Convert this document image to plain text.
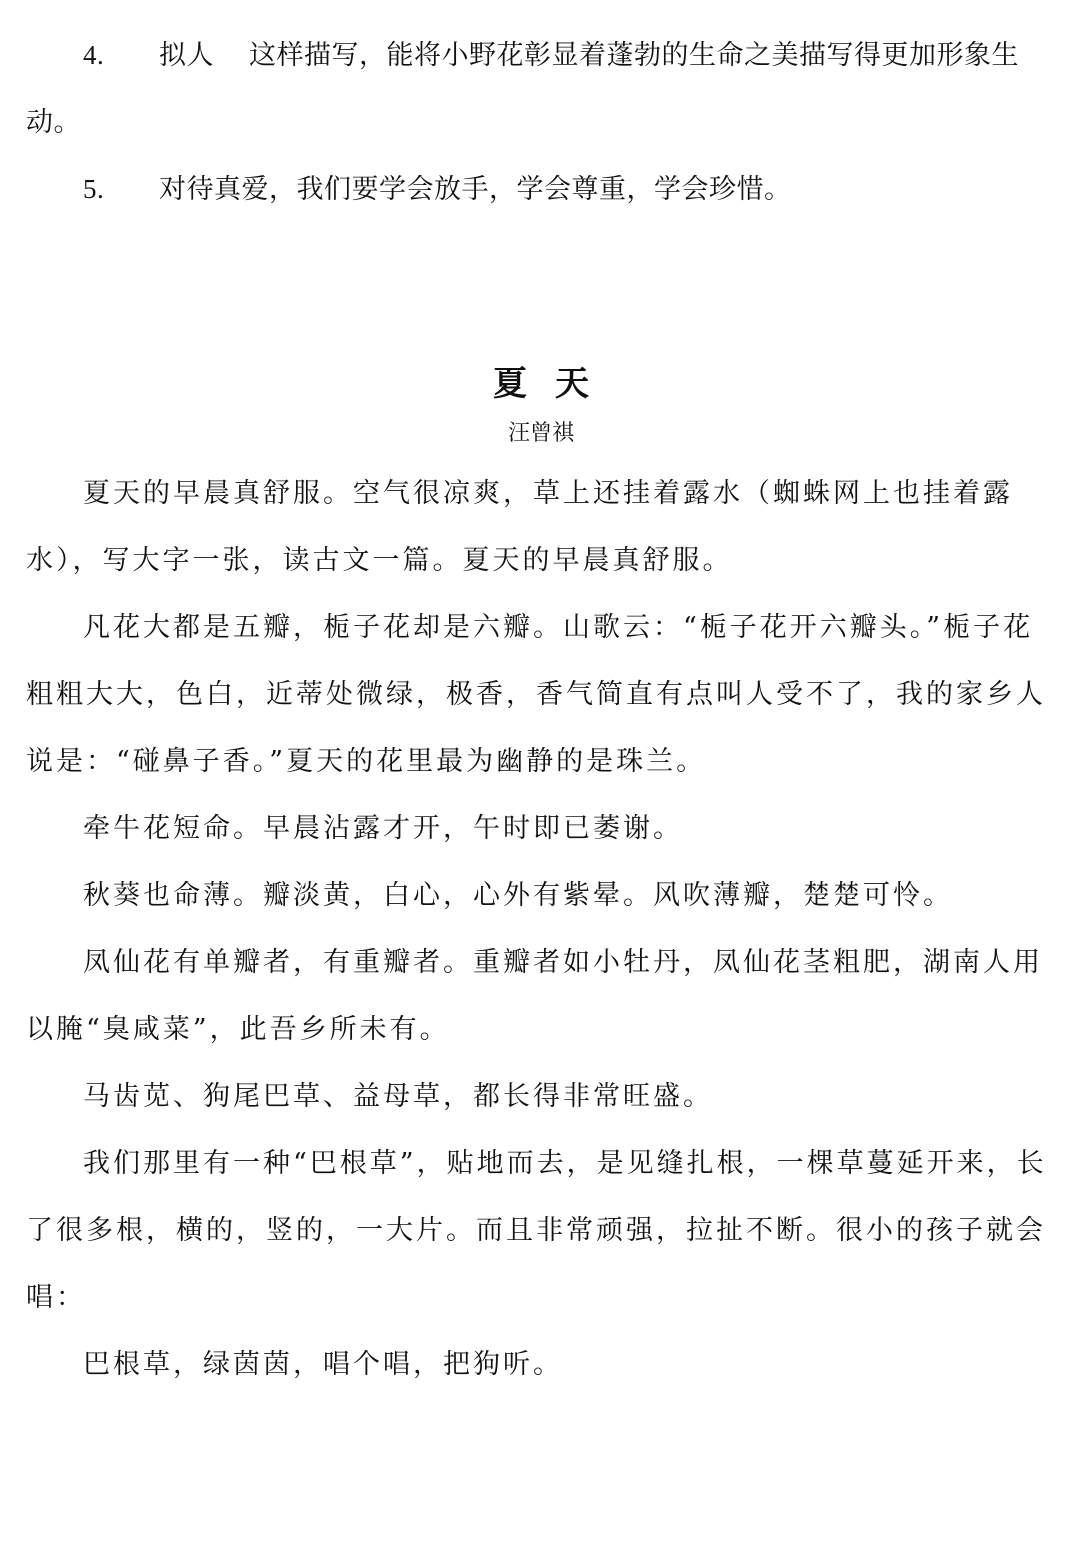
4. 拟人 这样描写，能将小野花彰显着蓬勃的生命之美描写得更加形象生动。

5. 对待真爱，我们要学会放手，学会尊重，学会珍惜。

夏天

汪曾祺

夏天的早晨真舒服。空气很凉爽，草上还挂着露水（蜘蛛网上也挂着露水），写大字一张，读古文一篇。夏天的早晨真舒服。

凡花大都是五瓣，栀子花却是六瓣。山歌云：“栀子花开六瓣头。”栀子花粗粗大大，色白，近蒂处微绿，极香，香气简直有点叫人受不了，我的家乡人说是：“碰鼻子香。”夏天的花里最为幽静的是珠兰。

牵牛花短命。早晨沾露才开，午时即已萎谢。

秋葵也命薄。瓣淡黄，白心，心外有紫晕。风吹薄瓣，楚楚可怜。

凤仙花有单瓣者，有重瓣者。重瓣者如小牡丹，凤仙花茎粗肥，湖南人用以腌“臭咸菜”，此吾乡所未有。

马齿苋、狗尾巴草、益母草，都长得非常旺盛。

我们那里有一种“巴根草”，贴地而去，是见缝扎根，一棵草蔓延开来，长了很多根，横的，竖的，一大片。而且非常顽强，拉扯不断。很小的孩子就会唱：

巴根草，绿茵茵，唱个唱，把狗听。
